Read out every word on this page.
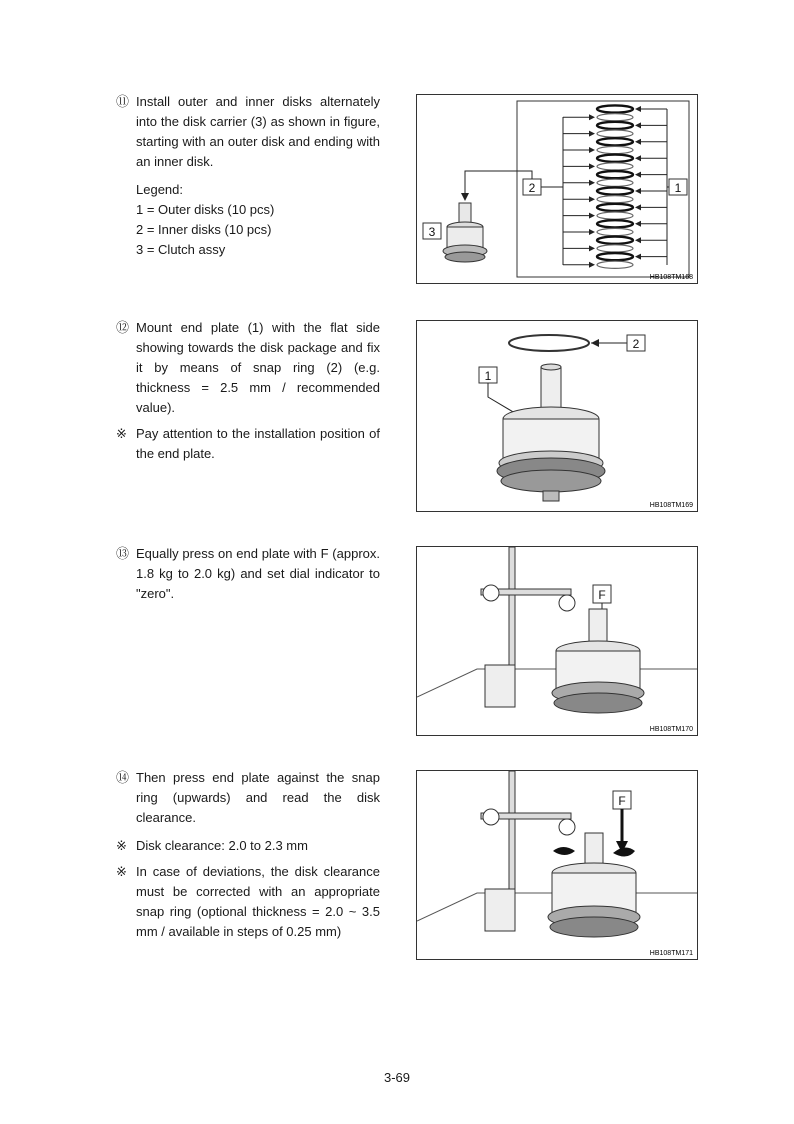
⑪ Install outer and inner disks alternately into the disk carrier (3) as shown in figure, starting with an outer disk and ending with an inner disk.
Legend:
1 = Outer disks (10 pcs)
2 = Inner disks (10 pcs)
3 = Clutch assy
2	1
3
HB108TM168
⑫ Mount end plate (1) with the flat side showing towards the disk package and fix it by means of snap ring (2) (e.g. thickness = 2.5 mm / recommended value).
※ Pay attention to the installation position of the end plate.
2
1
HB108TM169
⑬ Equally press on end plate with F (approx. 1.8 kg to 2.0 kg) and set dial indicator to "zero".	F
HB108TM170
⑭ Then press end plate against the snap ring (upwards) and read the disk clearance.
※ Disk clearance: 2.0 to 2.3 mm
※ In case of deviations, the disk clearance must be corrected with an appropriate snap ring (optional thickness = 2.0 ~ 3.5 mm / available in steps of 0.25 mm)
F
HB108TM171
3-69
